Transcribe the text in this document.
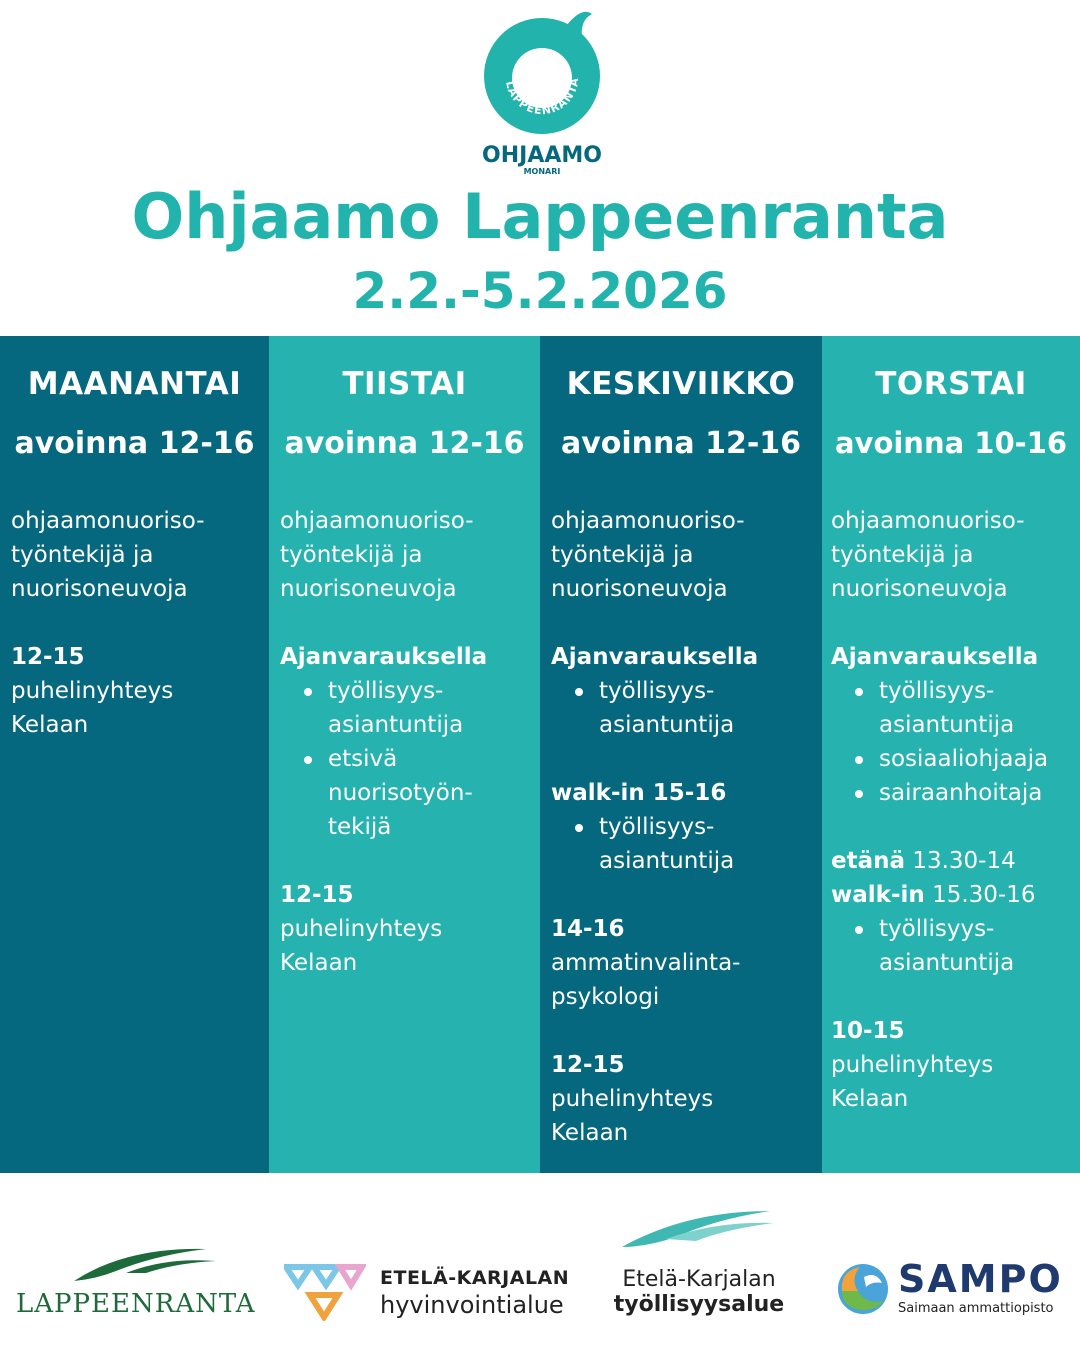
LAPPEENRANTA
OHJAAMO
MONARI
Ohjaamo Lappeenranta
2.2.-5.2.2026
MAANANTAI
avoinna 12-16

ohjaamonuoriso-
työntekijä ja
nuorisoneuvoja

12-15
puhelinyhteys
Kelaan

TIISTAI
avoinna 12-16

ohjaamonuoriso-
työntekijä ja
nuorisoneuvoja

Ajanvarauksella

työllisyys-
asiantuntija
etsivä
nuorisotyön-
tekijä

12-15
puhelinyhteys
Kelaan

KESKIVIIKKO
avoinna 12-16

ohjaamonuoriso-
työntekijä ja
nuorisoneuvoja

Ajanvarauksella

työllisyys-
asiantuntija

walk-in 15-16

työllisyys-
asiantuntija

14-16
ammatinvalinta-
psykologi

12-15
puhelinyhteys
Kelaan

TORSTAI
avoinna 10-16

ohjaamonuoriso-
työntekijä ja
nuorisoneuvoja

Ajanvarauksella

työllisyys-
asiantuntija
sosiaaliohjaaja
sairaanhoitaja

etänä 13.30-14

walk-in 15.30-16

työllisyys-
asiantuntija

10-15
puhelinyhteys
Kelaan

LAPPEENRANTA
ETELÄ-KARJALAN
hyvinvointialue
Etelä-Karjalan
työllisyysalue
SAMPO
Saimaan ammattiopisto
